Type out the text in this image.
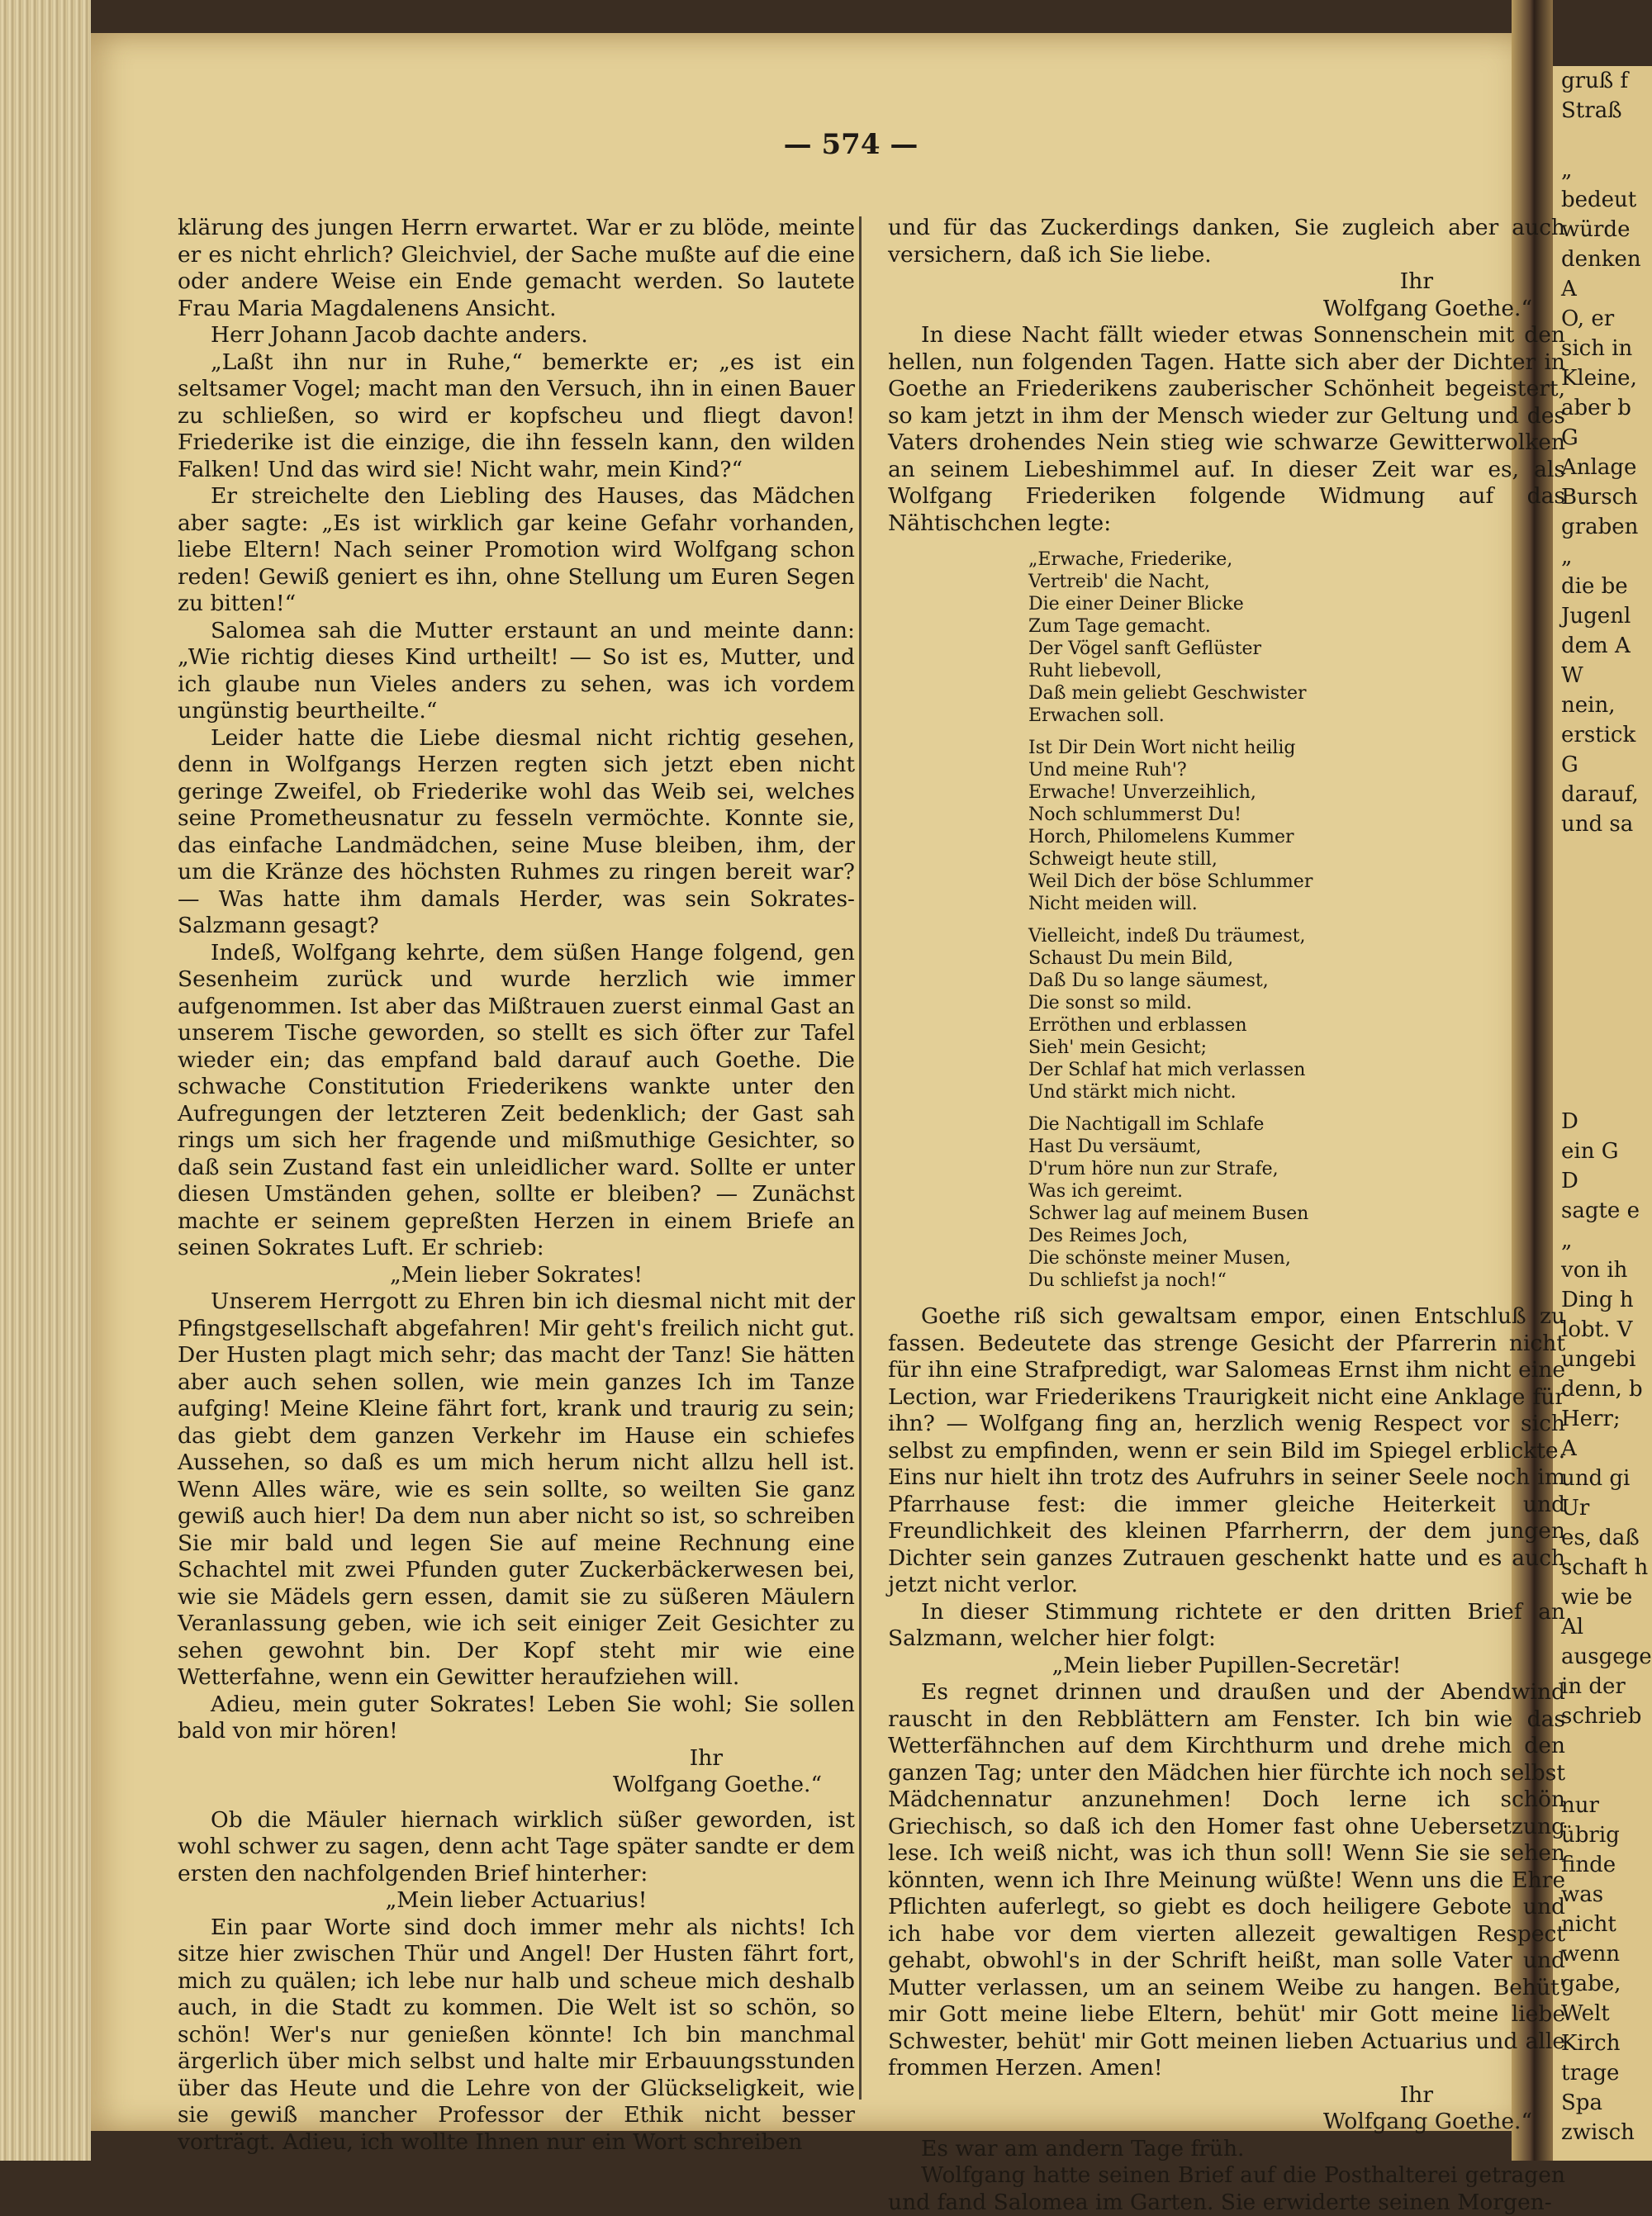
gruß f
Straß

„
bedeut
würde
denken
A
O, er
sich in
Kleine,
aber b
G
Anlage
Bursch
graben
„
die be
Jugenl
dem A
W
nein,
erstick
G
darauf,
und sa

D
ein G
D
sagte e
„
von ih
Ding h
lobt. V
ungebi
denn, b
Herr;
A
und gi
Ur
es, daß
schaft h
wie be
Al
ausgege
in der
schrieb

nur
übrig
finde
was
nicht
wenn
gabe,
Welt
Kirch
trage
Spa
zwisch
— 574 —

klärung des jungen Herrn erwartet. War er zu blöde, meinte er es nicht ehrlich? Gleichviel, der Sache mußte auf die eine oder andere Weise ein Ende gemacht werden. So lautete Frau Maria Magdalenens Ansicht.

Herr Johann Jacob dachte anders.

„Laßt ihn nur in Ruhe,“ bemerkte er; „es ist ein seltsamer Vogel; macht man den Versuch, ihn in einen Bauer zu schließen, so wird er kopfscheu und fliegt davon! Friederike ist die einzige, die ihn fesseln kann, den wilden Falken! Und das wird sie! Nicht wahr, mein Kind?“

Er streichelte den Liebling des Hauses, das Mädchen aber sagte: „Es ist wirklich gar keine Gefahr vorhanden, liebe Eltern! Nach seiner Promotion wird Wolfgang schon reden! Gewiß geniert es ihn, ohne Stellung um Euren Segen zu bitten!“

Salomea sah die Mutter erstaunt an und meinte dann: „Wie richtig dieses Kind urtheilt! — So ist es, Mutter, und ich glaube nun Vieles anders zu sehen, was ich vordem ungünstig beurtheilte.“

Leider hatte die Liebe diesmal nicht richtig gesehen, denn in Wolfgangs Herzen regten sich jetzt eben nicht geringe Zweifel, ob Friederike wohl das Weib sei, welches seine Prometheusnatur zu fesseln vermöchte. Konnte sie, das einfache Landmädchen, seine Muse bleiben, ihm, der um die Kränze des höchsten Ruhmes zu ringen bereit war? — Was hatte ihm damals Herder, was sein Sokrates-Salzmann gesagt?

Indeß, Wolfgang kehrte, dem süßen Hange folgend, gen Sesenheim zurück und wurde herzlich wie immer aufgenommen. Ist aber das Mißtrauen zuerst einmal Gast an unserem Tische geworden, so stellt es sich öfter zur Tafel wieder ein; das empfand bald darauf auch Goethe. Die schwache Constitution Friederikens wankte unter den Aufregungen der letzteren Zeit bedenklich; der Gast sah rings um sich her fragende und mißmuthige Gesichter, so daß sein Zustand fast ein unleidlicher ward. Sollte er unter diesen Umständen gehen, sollte er bleiben? — Zunächst machte er seinem gepreßten Herzen in einem Briefe an seinen Sokrates Luft. Er schrieb:

„Mein lieber Sokrates!

Unserem Herrgott zu Ehren bin ich diesmal nicht mit der Pfingstgesellschaft abgefahren! Mir geht's freilich nicht gut. Der Husten plagt mich sehr; das macht der Tanz! Sie hätten aber auch sehen sollen, wie mein ganzes Ich im Tanze aufging! Meine Kleine fährt fort, krank und traurig zu sein; das giebt dem ganzen Verkehr im Hause ein schiefes Aussehen, so daß es um mich herum nicht allzu hell ist. Wenn Alles wäre, wie es sein sollte, so weilten Sie ganz gewiß auch hier! Da dem nun aber nicht so ist, so schreiben Sie mir bald und legen Sie auf meine Rechnung eine Schachtel mit zwei Pfunden guter Zuckerbäckerwesen bei, wie sie Mädels gern essen, damit sie zu süßeren Mäulern Veranlassung geben, wie ich seit einiger Zeit Gesichter zu sehen gewohnt bin. Der Kopf steht mir wie eine Wetterfahne, wenn ein Gewitter heraufziehen will.

Adieu, mein guter Sokrates! Leben Sie wohl; Sie sollen bald von mir hören!

Ihr
Wolfgang Goethe.“

Ob die Mäuler hiernach wirklich süßer geworden, ist wohl schwer zu sagen, denn acht Tage später sandte er dem ersten den nachfolgenden Brief hinterher:

„Mein lieber Actuarius!

Ein paar Worte sind doch immer mehr als nichts! Ich sitze hier zwischen Thür und Angel! Der Husten fährt fort, mich zu quälen; ich lebe nur halb und scheue mich deshalb auch, in die Stadt zu kommen. Die Welt ist so schön, so schön! Wer's nur genießen könnte! Ich bin manchmal ärgerlich über mich selbst und halte mir Erbauungsstunden über das Heute und die Lehre von der Glückseligkeit, wie sie gewiß mancher Professor der Ethik nicht besser vorträgt. Adieu, ich wollte Ihnen nur ein Wort schreiben

und für das Zuckerdings danken, Sie zugleich aber auch versichern, daß ich Sie liebe.

Ihr
Wolfgang Goethe.“

In diese Nacht fällt wieder etwas Sonnenschein mit den hellen, nun folgenden Tagen. Hatte sich aber der Dichter in Goethe an Friederikens zauberischer Schönheit begeistert, so kam jetzt in ihm der Mensch wieder zur Geltung und des Vaters drohendes Nein stieg wie schwarze Gewitterwolken an seinem Liebeshimmel auf. In dieser Zeit war es, als Wolfgang Friederiken folgende Widmung auf das Nähtischchen legte:

„Erwache, Friederike,
Vertreib' die Nacht,
Die einer Deiner Blicke
Zum Tage gemacht.
Der Vögel sanft Geflüster
Ruht liebevoll,
Daß mein geliebt Geschwister
Erwachen soll.
Ist Dir Dein Wort nicht heilig
Und meine Ruh'?
Erwache! Unverzeihlich,
Noch schlummerst Du!
Horch, Philomelens Kummer
Schweigt heute still,
Weil Dich der böse Schlummer
Nicht meiden will.
Vielleicht, indeß Du träumest,
Schaust Du mein Bild,
Daß Du so lange säumest,
Die sonst so mild.
Erröthen und erblassen
Sieh' mein Gesicht;
Der Schlaf hat mich verlassen
Und stärkt mich nicht.
Die Nachtigall im Schlafe
Hast Du versäumt,
D'rum höre nun zur Strafe,
Was ich gereimt.
Schwer lag auf meinem Busen
Des Reimes Joch,
Die schönste meiner Musen,
Du schliefst ja noch!“

Goethe riß sich gewaltsam empor, einen Entschluß zu fassen. Bedeutete das strenge Gesicht der Pfarrerin nicht für ihn eine Strafpredigt, war Salomeas Ernst ihm nicht eine Lection, war Friederikens Traurigkeit nicht eine Anklage für ihn? — Wolfgang fing an, herzlich wenig Respect vor sich selbst zu empfinden, wenn er sein Bild im Spiegel erblickte. Eins nur hielt ihn trotz des Aufruhrs in seiner Seele noch im Pfarrhause fest: die immer gleiche Heiterkeit und Freundlichkeit des kleinen Pfarrherrn, der dem jungen Dichter sein ganzes Zutrauen geschenkt hatte und es auch jetzt nicht verlor.

In dieser Stimmung richtete er den dritten Brief an Salzmann, welcher hier folgt:

„Mein lieber Pupillen-Secretär!

Es regnet drinnen und draußen und der Abendwind rauscht in den Rebblättern am Fenster. Ich bin wie das Wetterfähnchen auf dem Kirchthurm und drehe mich den ganzen Tag; unter den Mädchen hier fürchte ich noch selbst Mädchennatur anzunehmen! Doch lerne ich schön Griechisch, so daß ich den Homer fast ohne Uebersetzung lese. Ich weiß nicht, was ich thun soll! Wenn Sie sie sehen könnten, wenn ich Ihre Meinung wüßte! Wenn uns die Ehre Pflichten auferlegt, so giebt es doch heiligere Gebote und ich habe vor dem vierten allezeit gewaltigen Respect gehabt, obwohl's in der Schrift heißt, man solle Vater und Mutter verlassen, um an seinem Weibe zu hangen. Behüt' mir Gott meine liebe Eltern, behüt' mir Gott meine liebe Schwester, behüt' mir Gott meinen lieben Actuarius und alle frommen Herzen. Amen!

Ihr
Wolfgang Goethe.“

Es war am andern Tage früh.

Wolfgang hatte seinen Brief auf die Posthalterei getragen und fand Salomea im Garten. Sie erwiderte seinen Morgen-
